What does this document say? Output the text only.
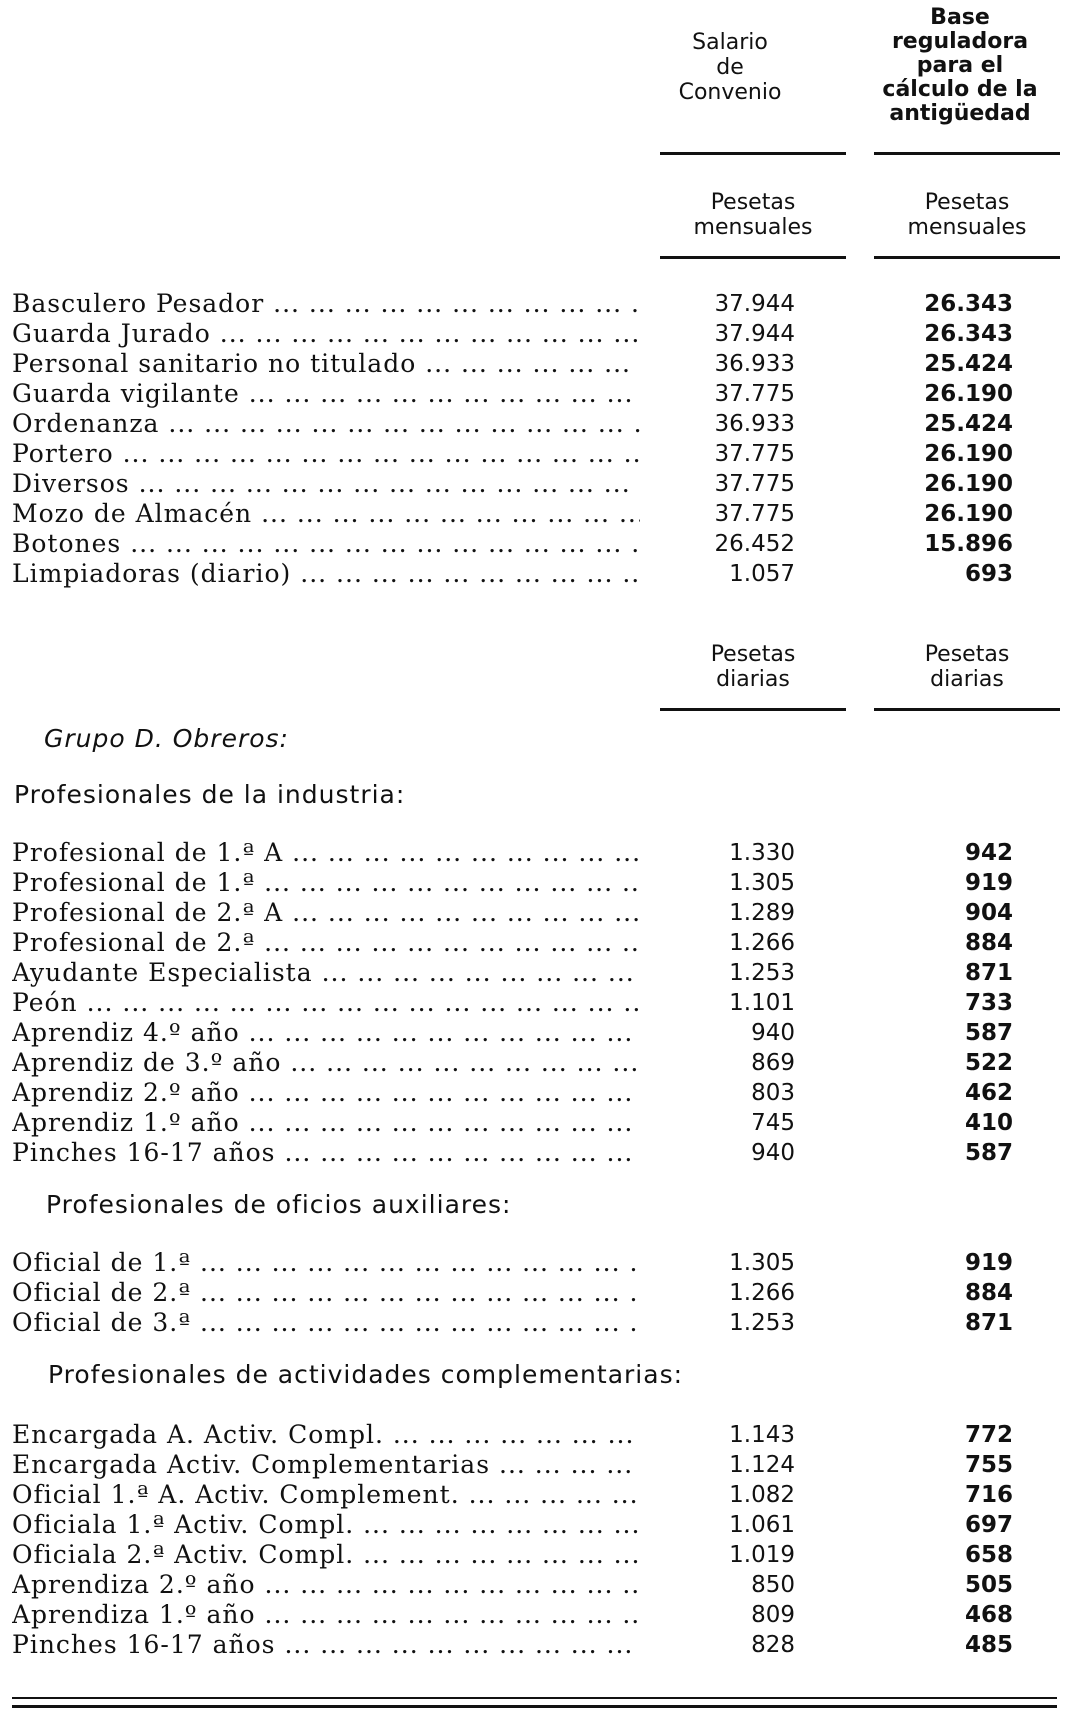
Salario
de
Convenio
Base
reguladora
para el
cálculo de la
antigüedad
Pesetas
mensuales
Pesetas
mensuales
Basculero Pesador ... .	37.944	26.343
Guarda Jurado ... .	37.944	26.343
Personal sanitario no titulado ... .	36.933	25.424
Guarda vigilante ... .	37.775	26.190
Ordenanza ... .	36.933	25.424
Portero ... .	37.775	26.190
Diversos ... .	37.775	26.190
Mozo de Almacén ... .	37.775	26.190
Botones ... .	26.452	15.896
Limpiadoras (diario) ... .	1.057	693
Pesetas
diarias
Pesetas
diarias
Grupo D. Obreros:
Profesionales de la industria:
Profesional de 1.ª A ... .	1.330	942
Profesional de 1.ª ... .	1.305	919
Profesional de 2.ª A ... .	1.289	904
Profesional de 2.ª ... .	1.266	884
Ayudante Especialista ... .	1.253	871
Peón ... .	1.101	733
Aprendiz 4.º año ... .	940	587
Aprendiz de 3.º año ... .	869	522
Aprendiz 2.º año ... .	803	462
Aprendiz 1.º año ... .	745	410
Pinches 16-17 años ... .	940	587
Profesionales de oficios auxiliares:
Oficial de 1.ª ... .	1.305	919
Oficial de 2.ª ... .	1.266	884
Oficial de 3.ª ... .	1.253	871
Profesionales de actividades complementarias:
Encargada A. Activ. Compl. ... .	1.143	772
Encargada Activ. Complementarias ... .	1.124	755
Oficial 1.ª A. Activ. Complement. ... .	1.082	716
Oficiala 1.ª Activ. Compl. ... .	1.061	697
Oficiala 2.ª Activ. Compl. ... .	1.019	658
Aprendiza 2.º año ... .	850	505
Aprendiza 1.º año ... .	809	468
Pinches 16-17 años ... .	828	485
